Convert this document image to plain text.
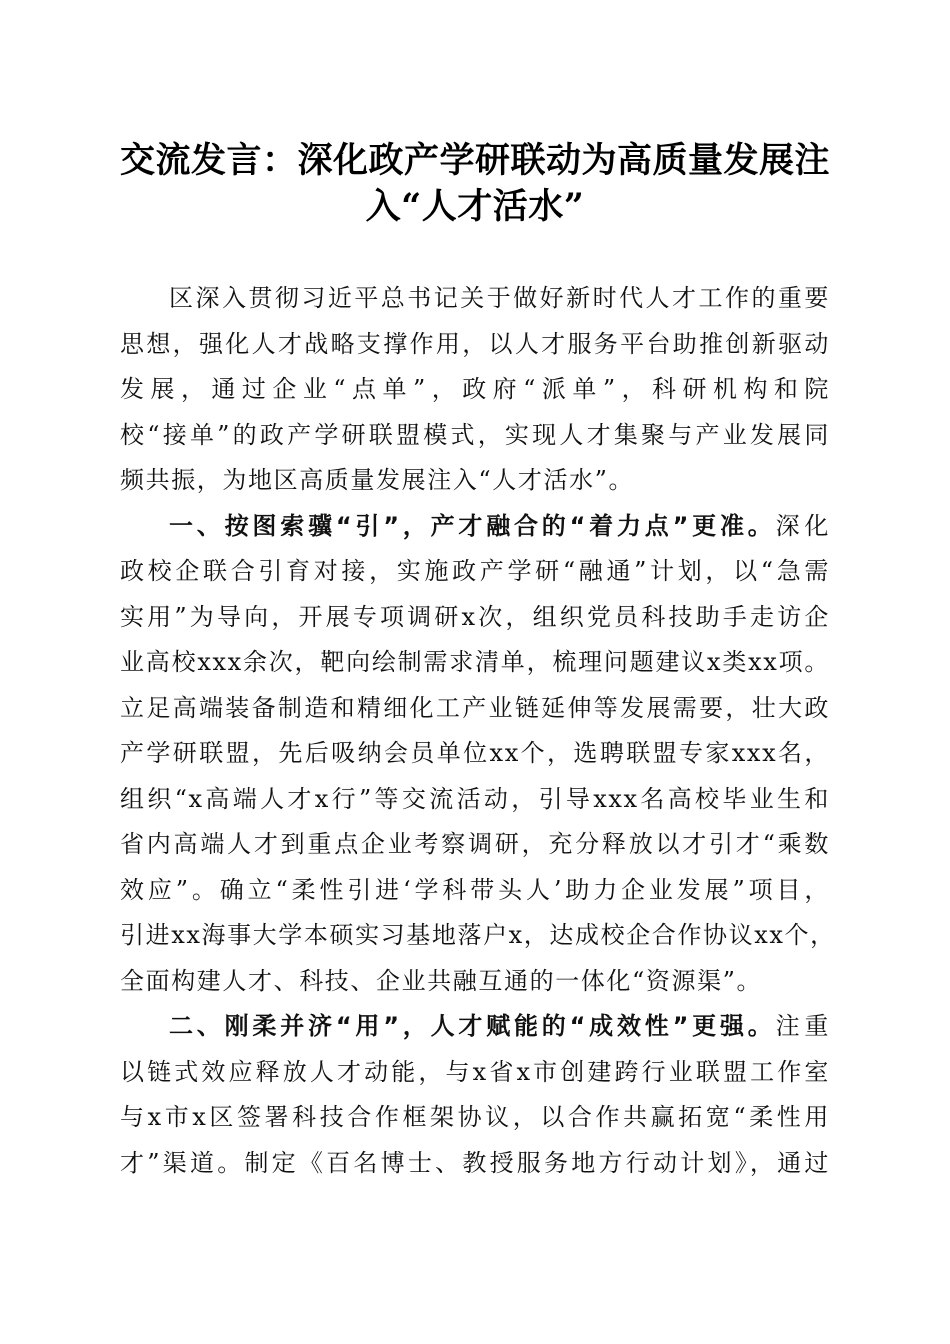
交流发言：深化政产学研联动为高质量发展注
入“人才活水”

区深入贯彻习近平总书记关于做好新时代人才工作的重要
思想，强化人才战略支撑作用，以人才服务平台助推创新驱动
发展，通过企业“点单”，政府“派单”，科研机构和院
校“接单”的政产学研联盟模式，实现人才集聚与产业发展同
频共振，为地区高质量发展注入“人才活水”。

一、按图索骥“引”，产才融合的“着力点”更准。深化
政校企联合引育对接，实施政产学研“融通”计划，以“急需
实用”为导向，开展专项调研x次，组织党员科技助手走访企
业高校xxx余次，靶向绘制需求清单，梳理问题建议x类xx项。
立足高端装备制造和精细化工产业链延伸等发展需要，壮大政
产学研联盟，先后吸纳会员单位xx个，选聘联盟专家xxx名，
组织“x高端人才x行”等交流活动，引导xxx名高校毕业生和
省内高端人才到重点企业考察调研，充分释放以才引才“乘数
效应”。确立“柔性引进‘学科带头人’助力企业发展”项目，
引进xx海事大学本硕实习基地落户x，达成校企合作协议xx个，
全面构建人才、科技、企业共融互通的一体化“资源渠”。

二、刚柔并济“用”，人才赋能的“成效性”更强。注重
以链式效应释放人才动能，与x省x市创建跨行业联盟工作室
与x市x区签署科技合作框架协议，以合作共赢拓宽“柔性用
才”渠道。制定《百名博士、教授服务地方行动计划》，通过
